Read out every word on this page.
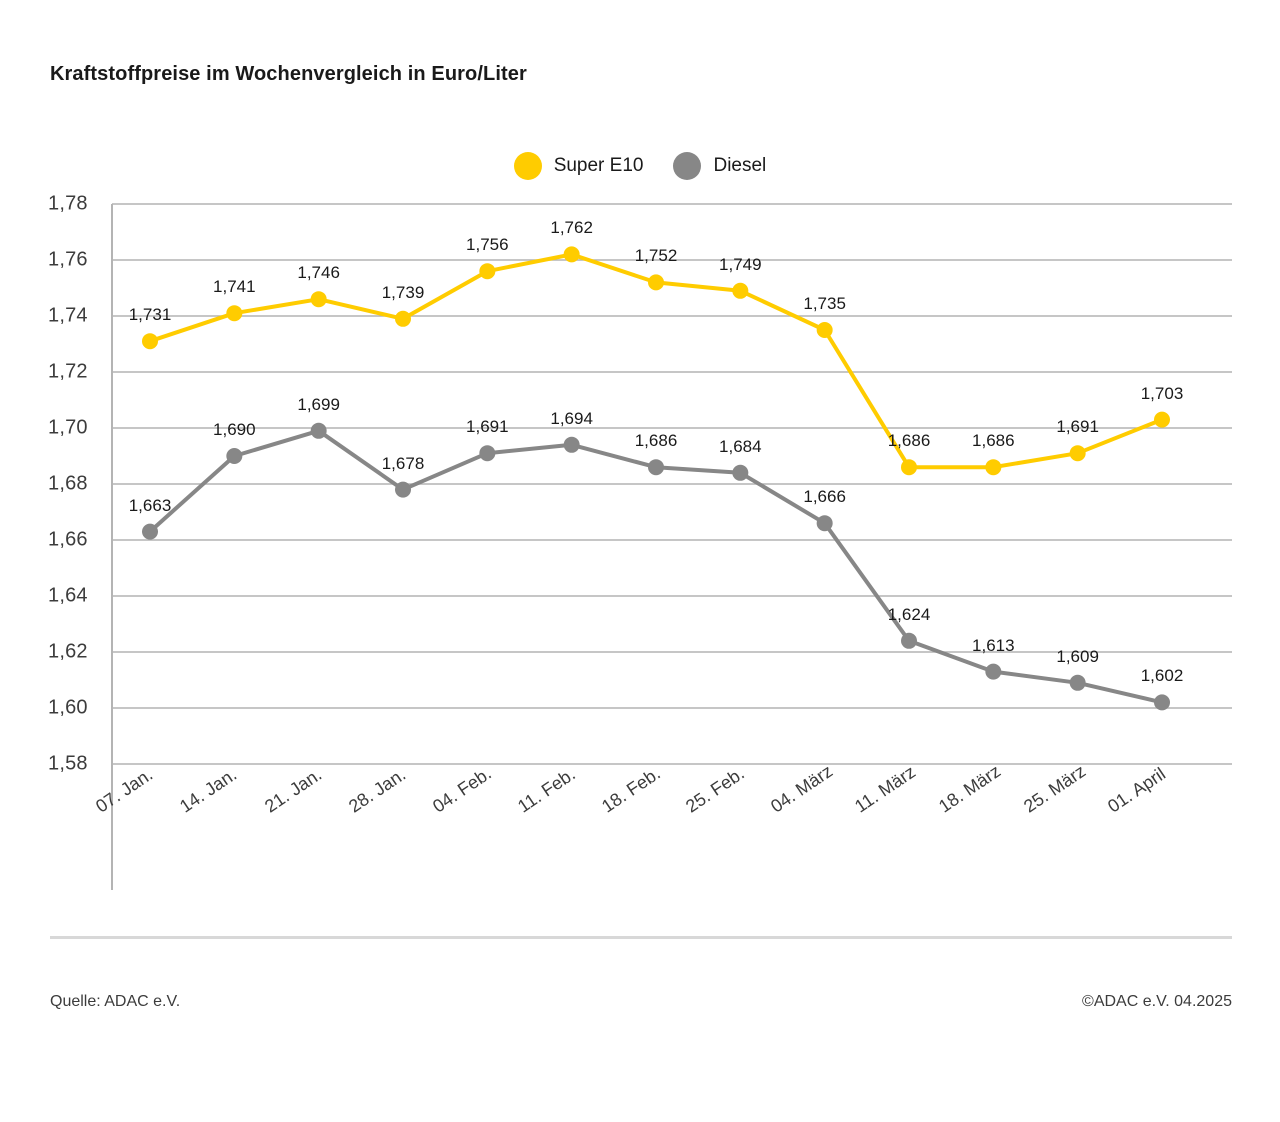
Kraftstoffpreise im Wochenvergleich in Euro/Liter
Super E10	Diesel
1,58
1,60
1,62
1,64
1,66
1,68
1,70
1,72
1,74
1,76
1,78
1,731
1,741
1,746
1,739
1,756
1,762
1,752 1,749
1,735
1,686 1,686
1,691
1,703
1,663
1,690
1,699
1,678
1,691 1,694
1,686 1,684
1,666
1,624
1,613
1,609
1,602
07. Jan. 14. Jan. 21. Jan. 28. Jan. 04. Feb. 11. Feb. 18. Feb. 25. Feb. 04. März 11. März 18. März 25. März 01. April
Quelle: ADAC e.V.	©ADAC e.V. 04.2025
